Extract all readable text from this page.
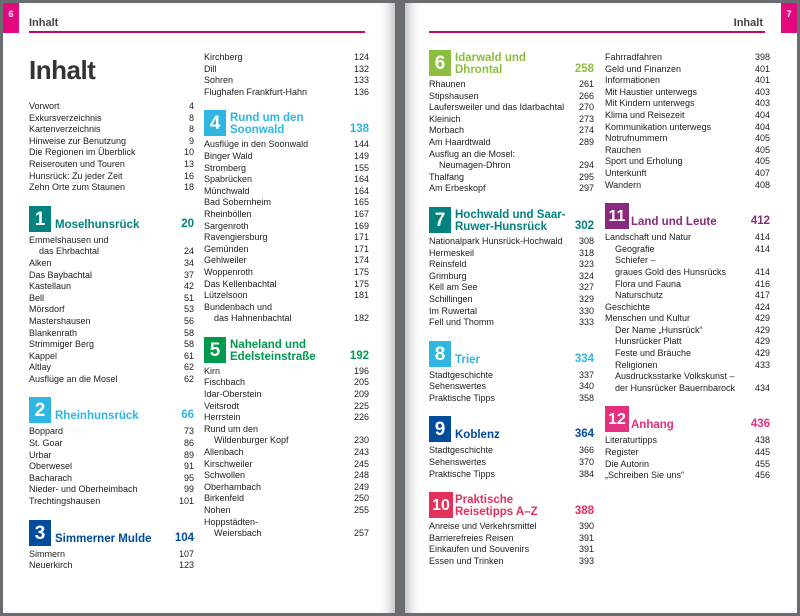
6
Inhalt
Inhalt
Vorwort	4
Exkursverzeichnis	8
Kartenverzeichnis	8
Hinweise zur Benutzung	9
Die Regionen im Überblick	10
Reiserouten und Touren	13
Hunsrück: Zu jeder Zeit	16
Zehn Orte zum Staunen	18
1 Moselhunsrück	20
Emmelshausen und
das Ehrbachtal	24
Alken	34
Das Baybachtal	37
Kastellaun	42
Bell	51
Mörsdorf	53
Mastershausen	56
Blankenrath	58
Strimmiger Berg	58
Kappel	61
Altlay	62
Ausflüge an die Mosel	62
2 Rheinhunsrück	66
Boppard	73
St. Goar	86
Urbar	89
Oberwesel	91
Bacharach	95
Nieder- und Oberheimbach	99
Trechtingshausen	101
3 Simmerner Mulde 104
Simmern	107
Neuerkirch	123
Kirchberg	124
Dill	132
Sohren	133
Flughafen Frankfurt-Hahn	136
4 Rund um den
Soonwald	138
Ausflüge in den Soonwald	144
Binger Wald	149
Stromberg	155
Spabrücken	164
Münchwald	164
Bad Sobernheim	165
Rheinböllen	167
Sargenroth	169
Ravengiersburg	171
Gemünden	171
Gehlweiler	174
Woppenroth	175
Das Kellenbachtal	175
Lützelsoon	181
Bundenbach und
das Hahnenbachtal	182
5 Naheland und
Edelsteinstraße	192
Kirn	196
Fischbach	205
Idar-Oberstein	209
Veitsrodt	225
Herrstein	226
Rund um den
Wildenburger Kopf	230
Allenbach	243
Kirschweiler	245
Schwollen	248
Oberhambach	249
Birkenfeld	250
Nohen	255
Hoppstädten-
Weiersbach	257
7
Inhalt
6 Idarwald und
Dhrontal	258
Rhaunen	261
Stipshausen	266
Laufersweiler und das Idarbachtal	270
Kleinich	273
Morbach	274
Am Haardtwald	289
Ausflug an die Mosel:
Neumagen-Dhron	294
Thalfang	295
Am Erbeskopf	297
7 Hochwald und Saar-
Ruwer-Hunsrück	302
Nationalpark Hunsrück-Hochwald	308
Hermeskeil	318
Reinsfeld	323
Grimburg	324
Kell am See	327
Schillingen	329
Im Ruwertal	330
Fell und Thomm	333
8 Trier	334
Stadtgeschichte	337
Sehenswertes	340
Praktische Tipps	358
9 Koblenz	364
Stadtgeschichte	366
Sehenswertes	370
Praktische Tipps	384
10 Praktische
Reisetipps A–Z	388
Anreise und Verkehrsmittel	390
Barrierefreies Reisen	391
Einkaufen und Souvenirs	391
Essen und Trinken	393
Fahrradfahren	398
Geld und Finanzen	401
Informationen	401
Mit Haustier unterwegs	403
Mit Kindern unterwegs	403
Klima und Reisezeit	404
Kommunikation unterwegs	404
Notrufnummern	405
Rauchen	405
Sport und Erholung	405
Unterkunft	407
Wandern	408
11 Land und Leute	412
Landschaft und Natur	414
Geografie	414
Schiefer –
graues Gold des Hunsrücks	414
Flora und Fauna	416
Naturschutz	417
Geschichte	424
Menschen und Kultur	429
Der Name „Hunsrück“	429
Hunsrücker Platt	429
Feste und Bräuche	429
Religionen	433
Ausdrucksstarke Volkskunst –
der Hunsrücker Bauernbarock	434
12 Anhang	436
Literaturtipps	438
Register	445
Die Autorin	455
„Schreiben Sie uns“	456
